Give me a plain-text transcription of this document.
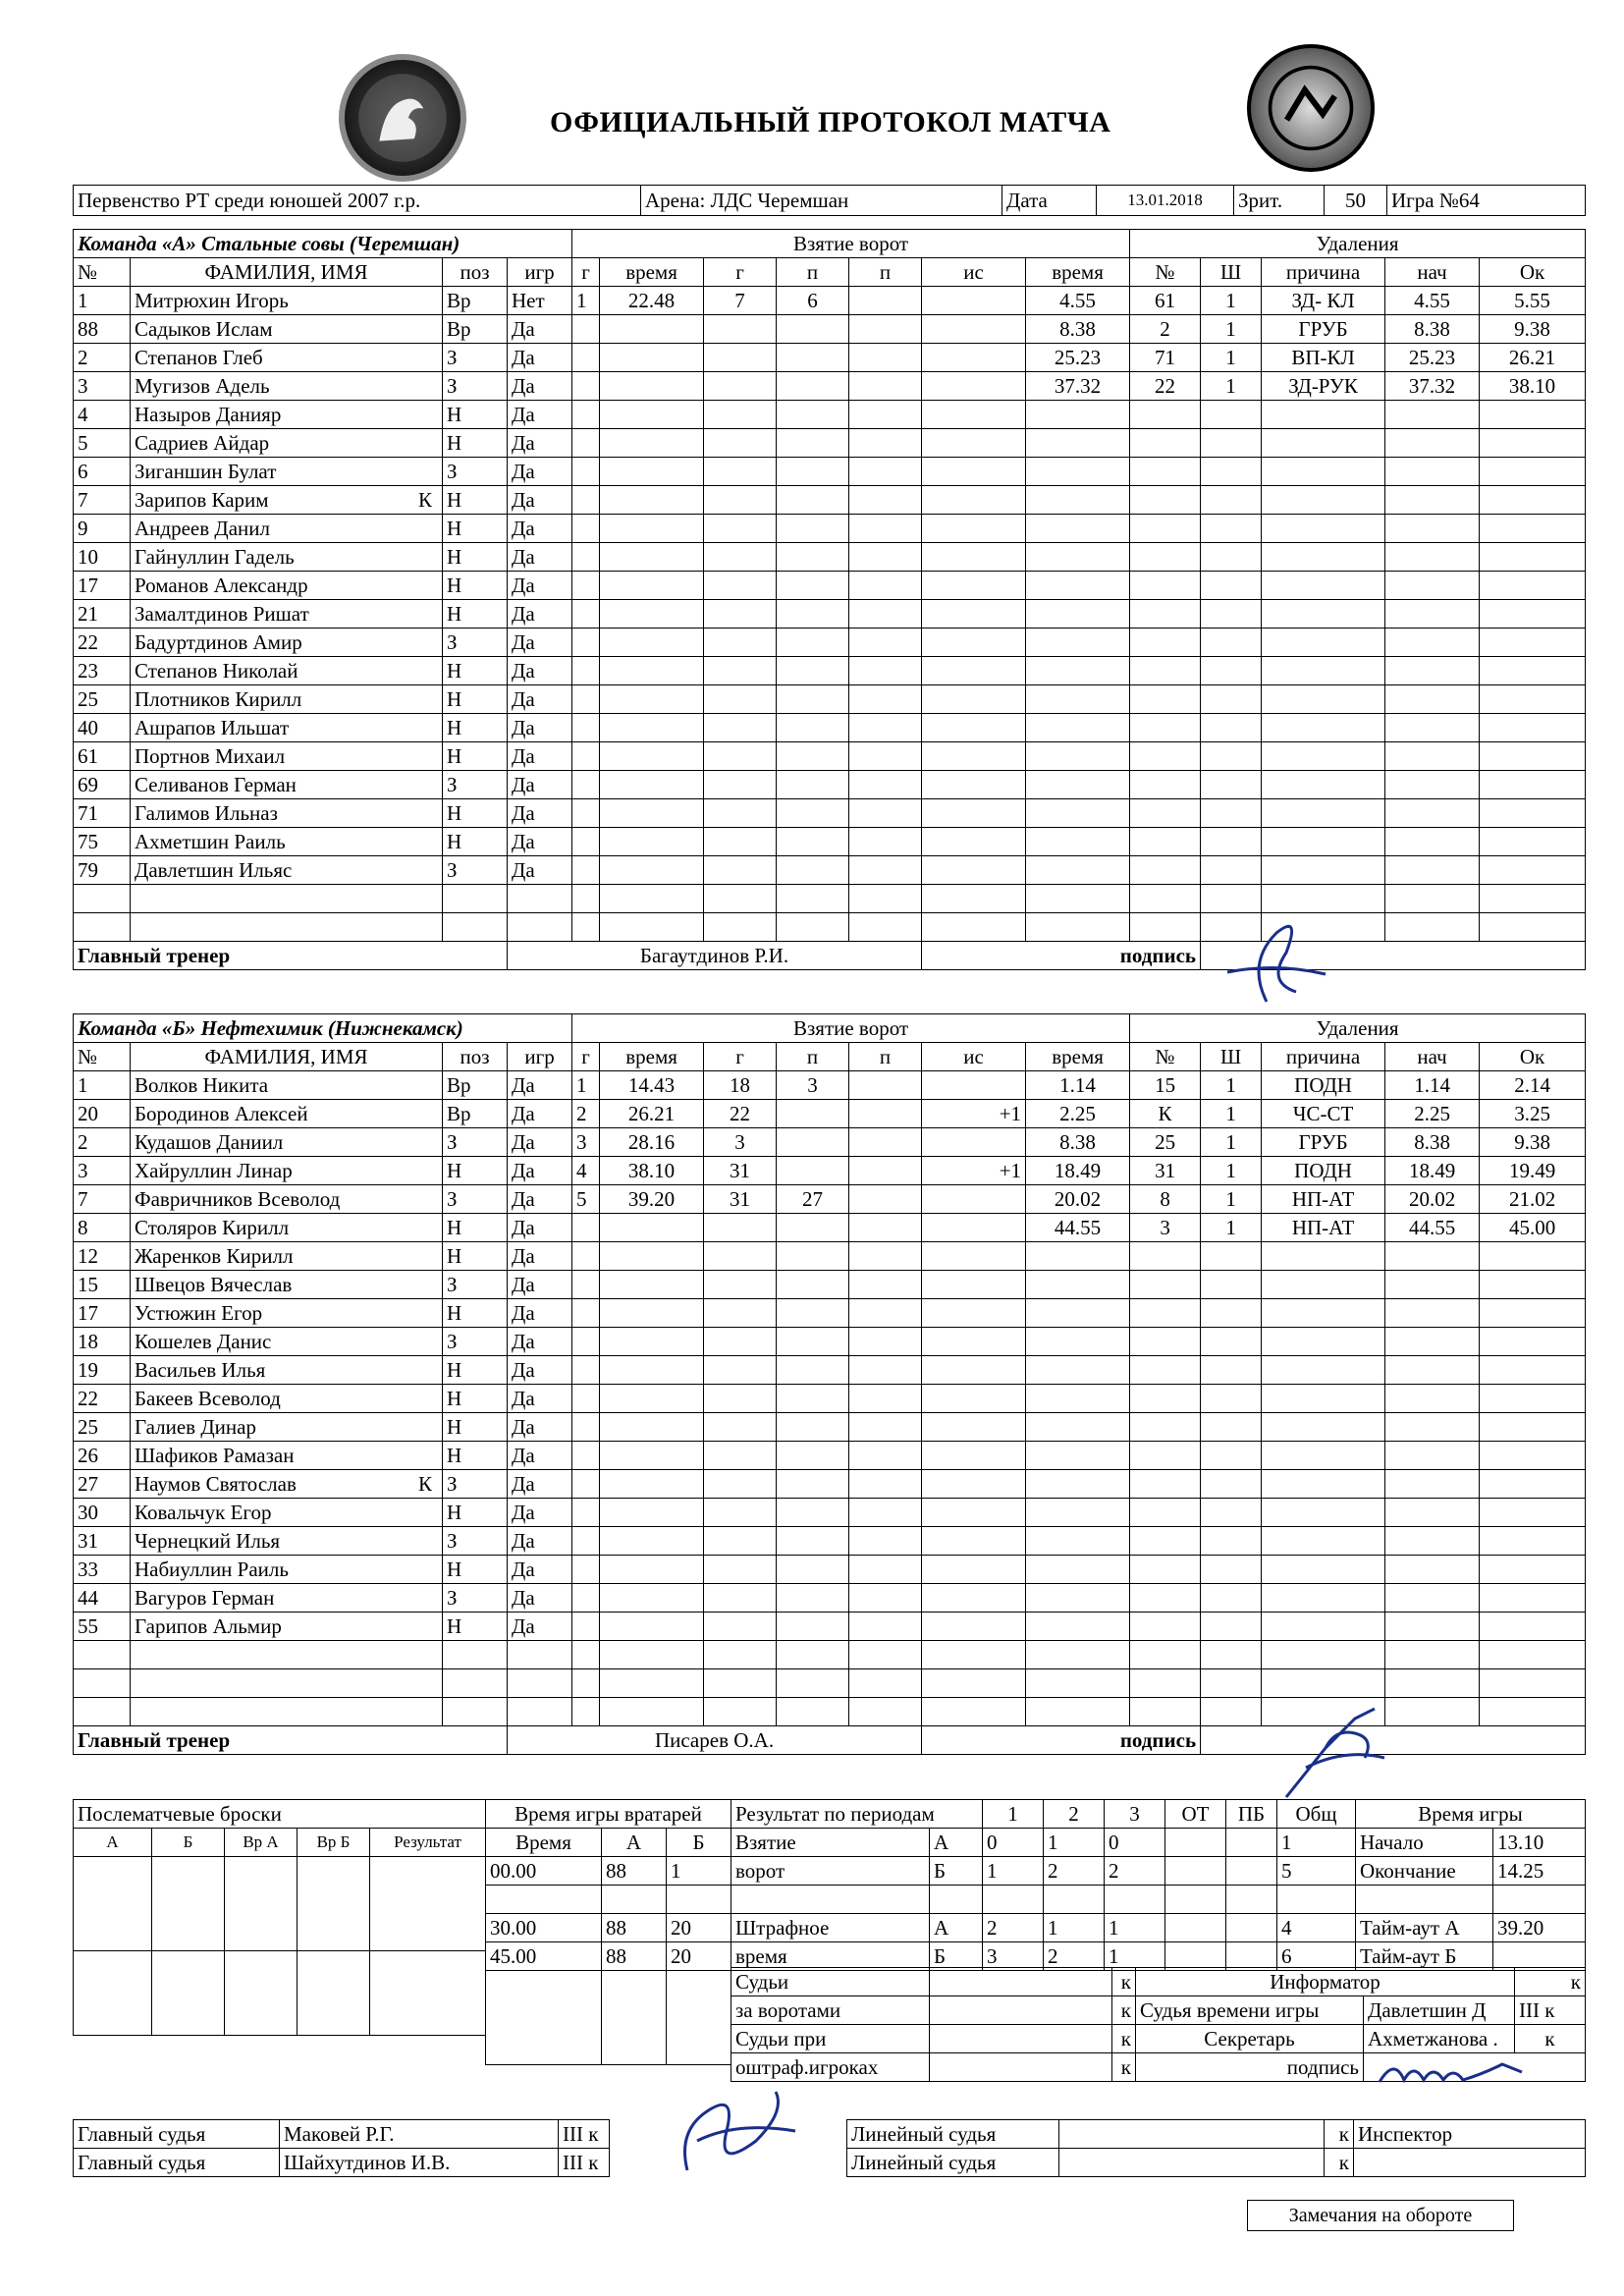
ОФИЦИАЛЬНЫЙ ПРОТОКОЛ МАТЧА
Первенство РТ среди юношей 2007 г.р.	Арена: ЛДС Черемшан	Дата	13.01.2018	Зрит.	50	Игра №64
Команда «А» Стальные совы (Черемшан)				Взятие ворот							Удаления				
№	ФАМИЛИЯ, ИМЯ	поз	игр	г	время	г	п	п	ис	время	№	Ш	причина	нач	Ок
1	Митрюхин Игорь	Вр	Нет	1	22.48	7	6			4.55	61	1	ЗД- КЛ	4.55	5.55
88	Садыков Ислам	Вр	Да							8.38	2	1	ГРУБ	8.38	9.38
2	Степанов Глеб	З	Да							25.23	71	1	ВП-КЛ	25.23	26.21
3	Мугизов Адель	З	Да							37.32	22	1	ЗД-РУК	37.32	38.10
4	Назыров Данияр	Н	Да												
5	Садриев Айдар	Н	Да												
6	Зиганшин Булат	З	Да												
7	Зарипов Карим К	Н	Да												
9	Андреев Данил	Н	Да												
10	Гайнуллин Гадель	Н	Да												
17	Романов Александр	Н	Да												
21	Замалтдинов Ришат	Н	Да												
22	Бадуртдинов Амир	З	Да												
23	Степанов Николай	Н	Да												
25	Плотников Кирилл	Н	Да												
40	Ашрапов Ильшат	Н	Да												
61	Портнов Михаил	Н	Да												
69	Селиванов Герман	З	Да												
71	Галимов Ильназ	Н	Да												
75	Ахметшин Раиль	Н	Да												
79	Давлетшин Ильяс	З	Да												

Главный тренер			Багаутдинов Р.И.						подпись						
Команда «Б» Нефтехимик (Нижнекамск)				Взятие ворот							Удаления				
№	ФАМИЛИЯ, ИМЯ	поз	игр	г	время	г	п	п	ис	время	№	Ш	причина	нач	Ок
1	Волков Никита	Вр	Да	1	14.43	18	3			1.14	15	1	ПОДН	1.14	2.14
20	Бородинов Алексей	Вр	Да	2	26.21	22			+1	2.25	К	1	ЧС-СТ	2.25	3.25
2	Кудашов Даниил	З	Да	3	28.16	3				8.38	25	1	ГРУБ	8.38	9.38
3	Хайруллин Линар	Н	Да	4	38.10	31			+1	18.49	31	1	ПОДН	18.49	19.49
7	Фавричников Всеволод	З	Да	5	39.20	31	27			20.02	8	1	НП-АТ	20.02	21.02
8	Столяров Кирилл	Н	Да							44.55	3	1	НП-АТ	44.55	45.00
12	Жаренков Кирилл	Н	Да												
15	Швецов Вячеслав	З	Да												
17	Устюжин Егор	Н	Да												
18	Кошелев Данис	З	Да												
19	Васильев Илья	Н	Да												
22	Бакеев Всеволод	Н	Да												
25	Галиев Динар	Н	Да												
26	Шафиков Рамазан	Н	Да												
27	Наумов Святослав К	З	Да												
30	Ковальчук Егор	Н	Да												
31	Чернецкий Илья	З	Да												
33	Набиуллин Раиль	Н	Да												
44	Вагуров Герман	З	Да												
55	Гарипов Альмир	Н	Да												

Главный тренер			Писарев О.А.						подпись						
Послематчевые броски				
А	Б	Вр А	Вр Б	Результат

Время игры вратарей		
Время	А	Б
00.00	88	1

30.00	88	20
45.00	88	20

Результат по периодам		1	2	3	ОТ	ПБ	Общ
Взятие	А	0	1	0			1
ворот	Б	1	2	2			5

Штрафное	А	2	1	1			4
время	Б	3	2	1			6
Время игры	
Начало	13.10
Окончание	14.25

Тайм-аут А	39.20
Тайм-аут Б	
Судьи		к	Информатор		к
за воротами		к	Судья времени игры	Давлетшин Д	III к
Судьи при		к	Секретарь	Ахметжанова .	к
оштраф.игроках		к	подпись		
Главный судья	Маковей Р.Г.	III к		Линейный судья		к	Инспектор
Главный судья	Шайхутдинов И.В.	III к		Линейный судья		к	
Замечания на обороте
